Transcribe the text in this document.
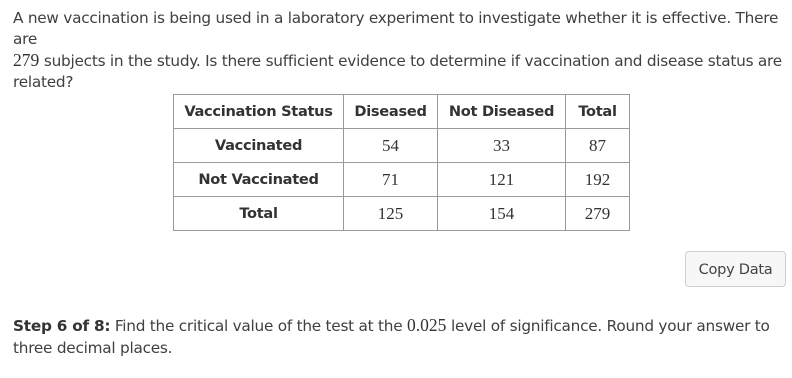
A new vaccination is being used in a laboratory experiment to investigate whether it is effective. There are
279 subjects in the study. Is there sufficient evidence to determine if vaccination and disease status are related?
Vaccination Status	Diseased	Not Diseased	Total
Vaccinated	54	33	87
Not Vaccinated	71	121	192
Total	125	154	279
Copy Data
Step 6 of 8: Find the critical value of the test at the 0.025 level of significance. Round your answer to three decimal places.
